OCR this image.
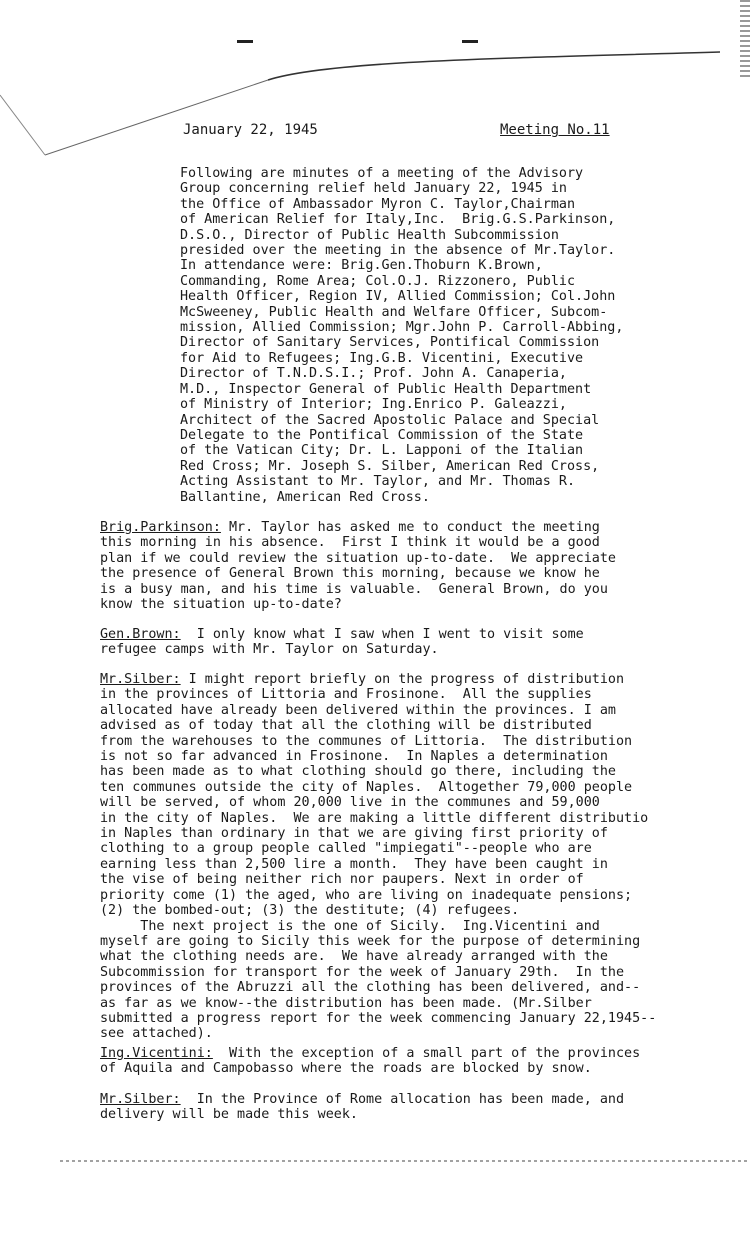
January 22, 1945	Meeting No.11
Following are minutes of a meeting of the Advisory
Group concerning relief held January 22, 1945 in
the Office of Ambassador Myron C. Taylor,Chairman
of American Relief for Italy,Inc.  Brig.G.S.Parkinson,
D.S.O., Director of Public Health Subcommission
presided over the meeting in the absence of Mr.Taylor.
In attendance were: Brig.Gen.Thoburn K.Brown,
Commanding, Rome Area; Col.O.J. Rizzonero, Public
Health Officer, Region IV, Allied Commission; Col.John
McSweeney, Public Health and Welfare Officer, Subcom-
mission, Allied Commission; Mgr.John P. Carroll-Abbing,
Director of Sanitary Services, Pontifical Commission
for Aid to Refugees; Ing.G.B. Vicentini, Executive
Director of T.N.D.S.I.; Prof. John A. Canaperia,
M.D., Inspector General of Public Health Department
of Ministry of Interior; Ing.Enrico P. Galeazzi,
Architect of the Sacred Apostolic Palace and Special
Delegate to the Pontifical Commission of the State
of the Vatican City; Dr. L. Lapponi of the Italian
Red Cross; Mr. Joseph S. Silber, American Red Cross,
Acting Assistant to Mr. Taylor, and Mr. Thomas R.
Ballantine, American Red Cross.
Brig.Parkinson: Mr. Taylor has asked me to conduct the meeting
this morning in his absence.  First I think it would be a good
plan if we could review the situation up-to-date.  We appreciate
the presence of General Brown this morning, because we know he
is a busy man, and his time is valuable.  General Brown, do you
know the situation up-to-date?
Gen.Brown:  I only know what I saw when I went to visit some
refugee camps with Mr. Taylor on Saturday.
Mr.Silber: I might report briefly on the progress of distribution
in the provinces of Littoria and Frosinone.  All the supplies
allocated have already been delivered within the provinces. I am
advised as of today that all the clothing will be distributed
from the warehouses to the communes of Littoria.  The distribution
is not so far advanced in Frosinone.  In Naples a determination
has been made as to what clothing should go there, including the
ten communes outside the city of Naples.  Altogether 79,000 people
will be served, of whom 20,000 live in the communes and 59,000
in the city of Naples.  We are making a little different distributio
in Naples than ordinary in that we are giving first priority of
clothing to a group people called "impiegati"--people who are
earning less than 2,500 lire a month.  They have been caught in
the vise of being neither rich nor paupers. Next in order of
priority come (1) the aged, who are living on inadequate pensions;
(2) the bombed-out; (3) the destitute; (4) refugees.
The next project is the one of Sicily.  Ing.Vicentini and
myself are going to Sicily this week for the purpose of determining
what the clothing needs are.  We have already arranged with the
Subcommission for transport for the week of January 29th.  In the
provinces of the Abruzzi all the clothing has been delivered, and--
as far as we know--the distribution has been made. (Mr.Silber
submitted a progress report for the week commencing January 22,1945--
see attached).
Ing.Vicentini:  With the exception of a small part of the provinces
of Aquila and Campobasso where the roads are blocked by snow.
Mr.Silber:  In the Province of Rome allocation has been made, and
delivery will be made this week.
